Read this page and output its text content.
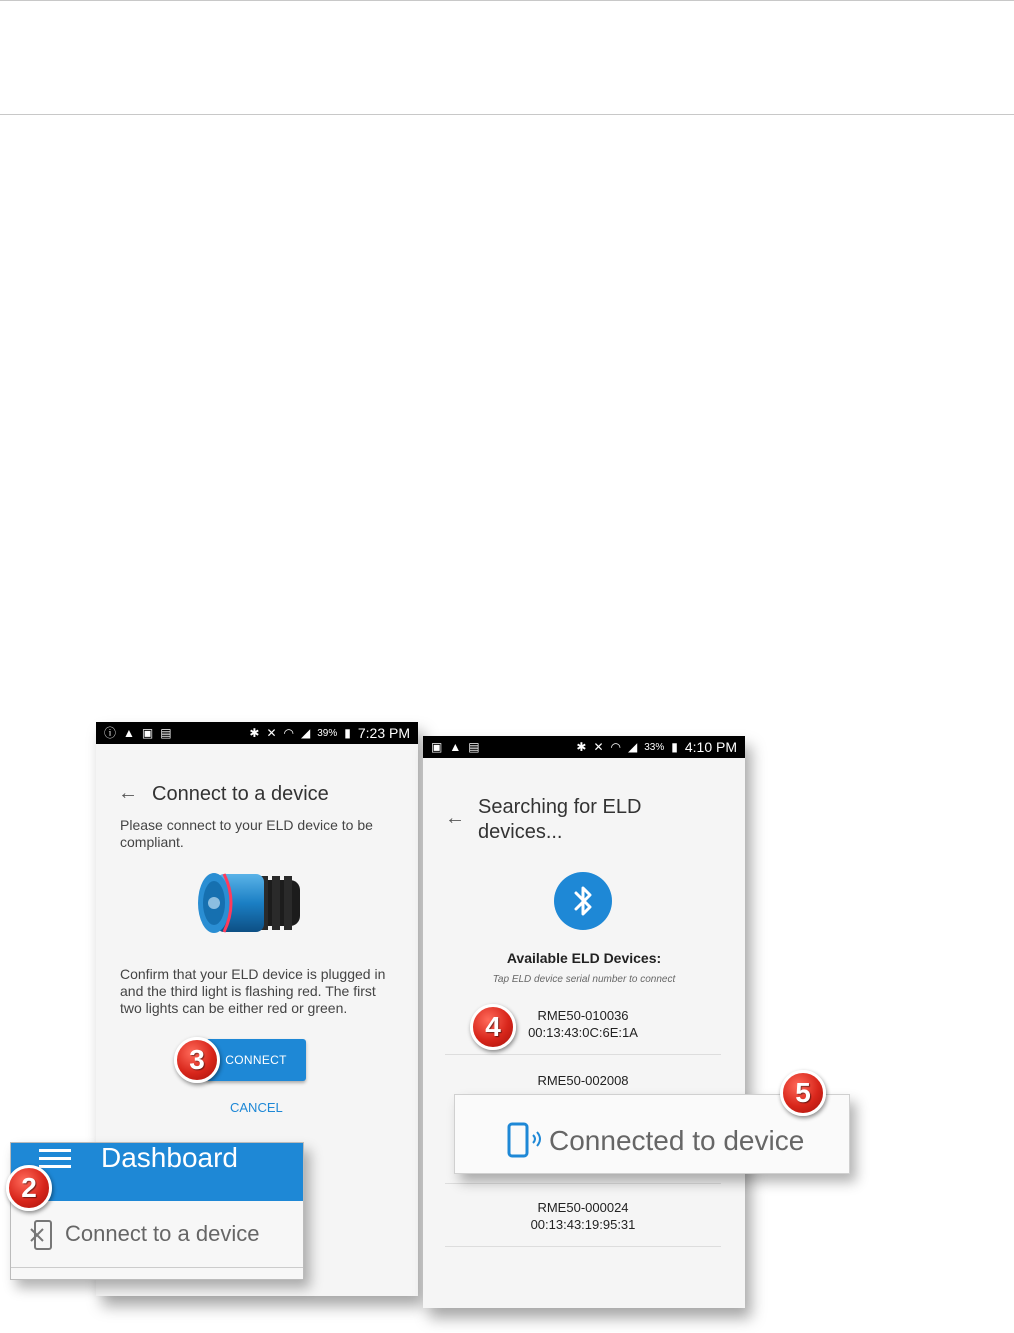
ⓘ ▲ ▣ ▤	✱ ✕ ◠ ◢ 39% ▮ 7:23 PM
← Connect to a device
Please connect to your ELD device to be compliant.
Confirm that your ELD device is plugged in and the third light is flashing red. The first two lights can be either red or green.
CONNECT
CANCEL
▣ ▲ ▤	✱ ✕ ◠ ◢ 33% ▮ 4:10 PM
← Searching for ELD devices...
Available ELD Devices:
Tap ELD device serial number to connect
RME50-010036
00:13:43:0C:6E:1A
RME50-002008
RME50-000024
00:13:43:19:95:31
Connected to device
Dashboard
Connect to a device
2
3
4
5
